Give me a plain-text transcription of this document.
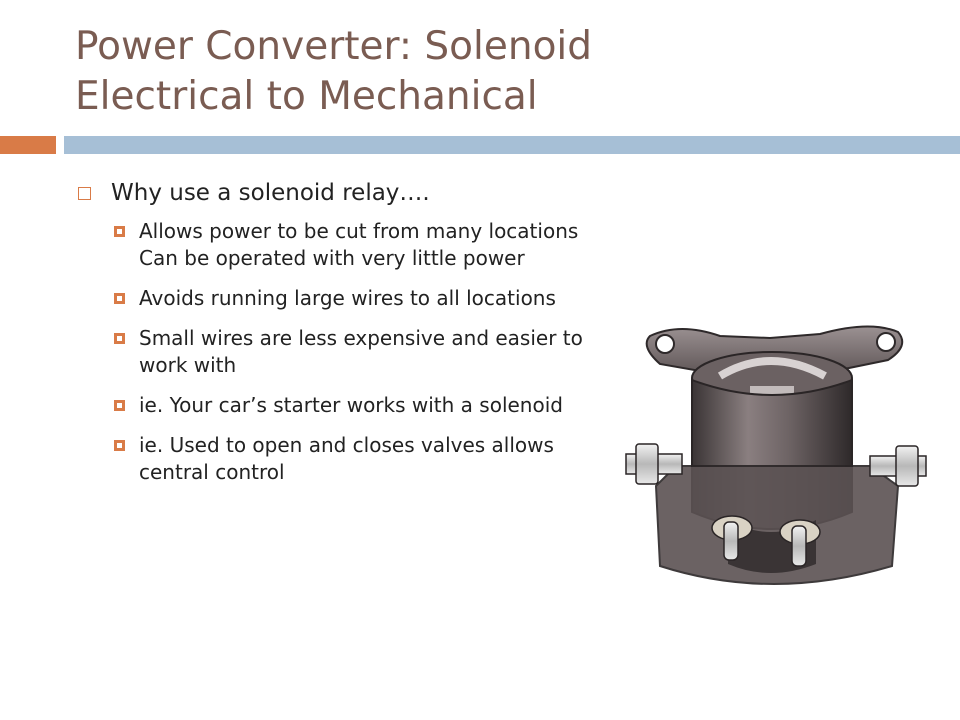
Power Converter: Solenoid
Electrical to Mechanical
Why use a solenoid relay….
Allows power to be cut from many locations Can be operated with very little power
Avoids running large wires to all locations
Small wires are less expensive and easier to work with
ie. Your car’s starter works with a solenoid
ie. Used to open and closes valves allows central control
